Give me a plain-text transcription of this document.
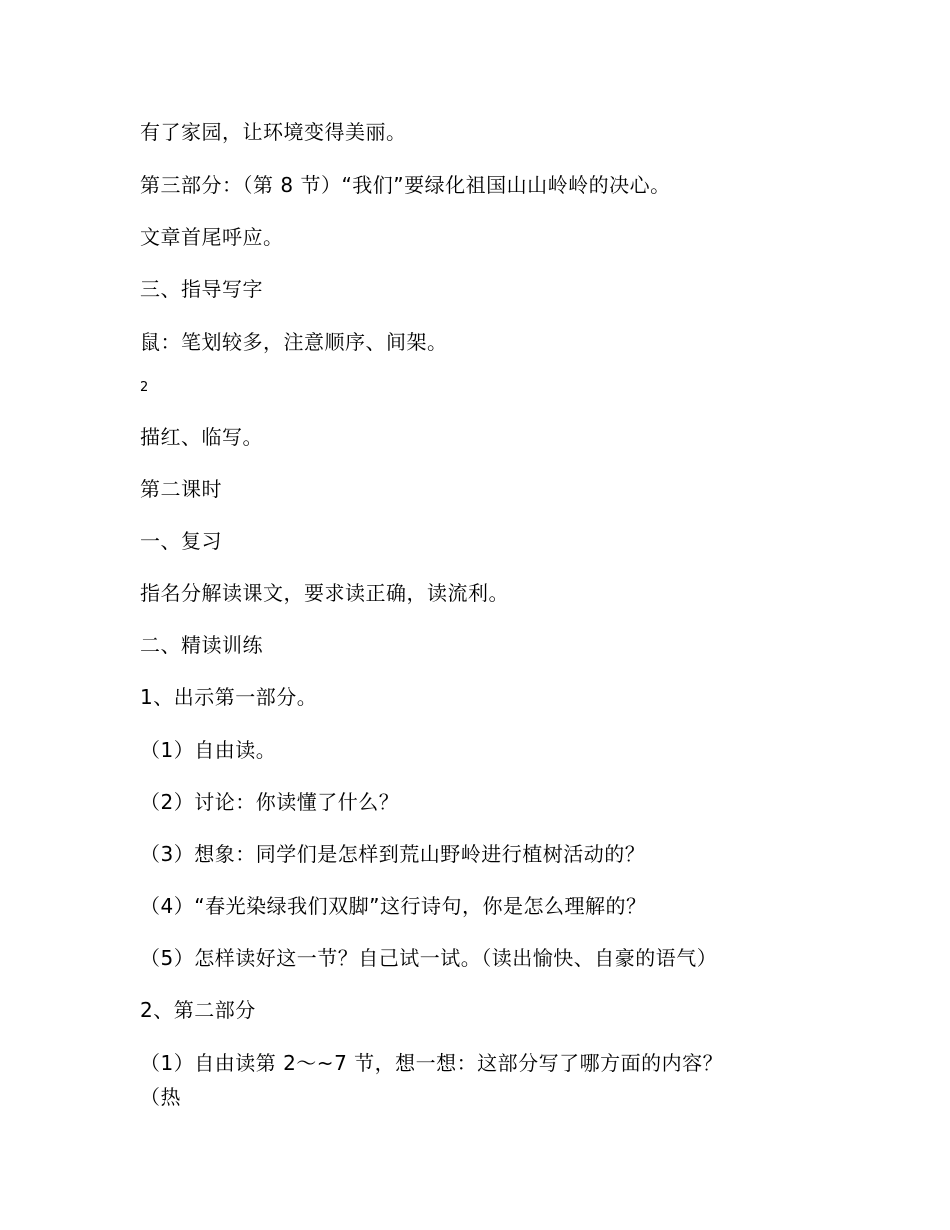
有了家园，让环境变得美丽。
第三部分：（第 8 节）“我们”要绿化祖国山山岭岭的决心。
文章首尾呼应。
三、指导写字
鼠：笔划较多，注意顺序、间架。
2
描红、临写。
第二课时
一、复习
指名分解读课文，要求读正确，读流利。
二、精读训练
1、出示第一部分。
（1）自由读。
（2）讨论：你读懂了什么？
（3）想象：同学们是怎样到荒山野岭进行植树活动的？
（4）“春光染绿我们双脚”这行诗句，你是怎么理解的？
（5）怎样读好这一节？自己试一试。（读出愉快、自豪的语气）
2、第二部分
（1）自由读第 2～~7 节，想一想：这部分写了哪方面的内容？
（热
